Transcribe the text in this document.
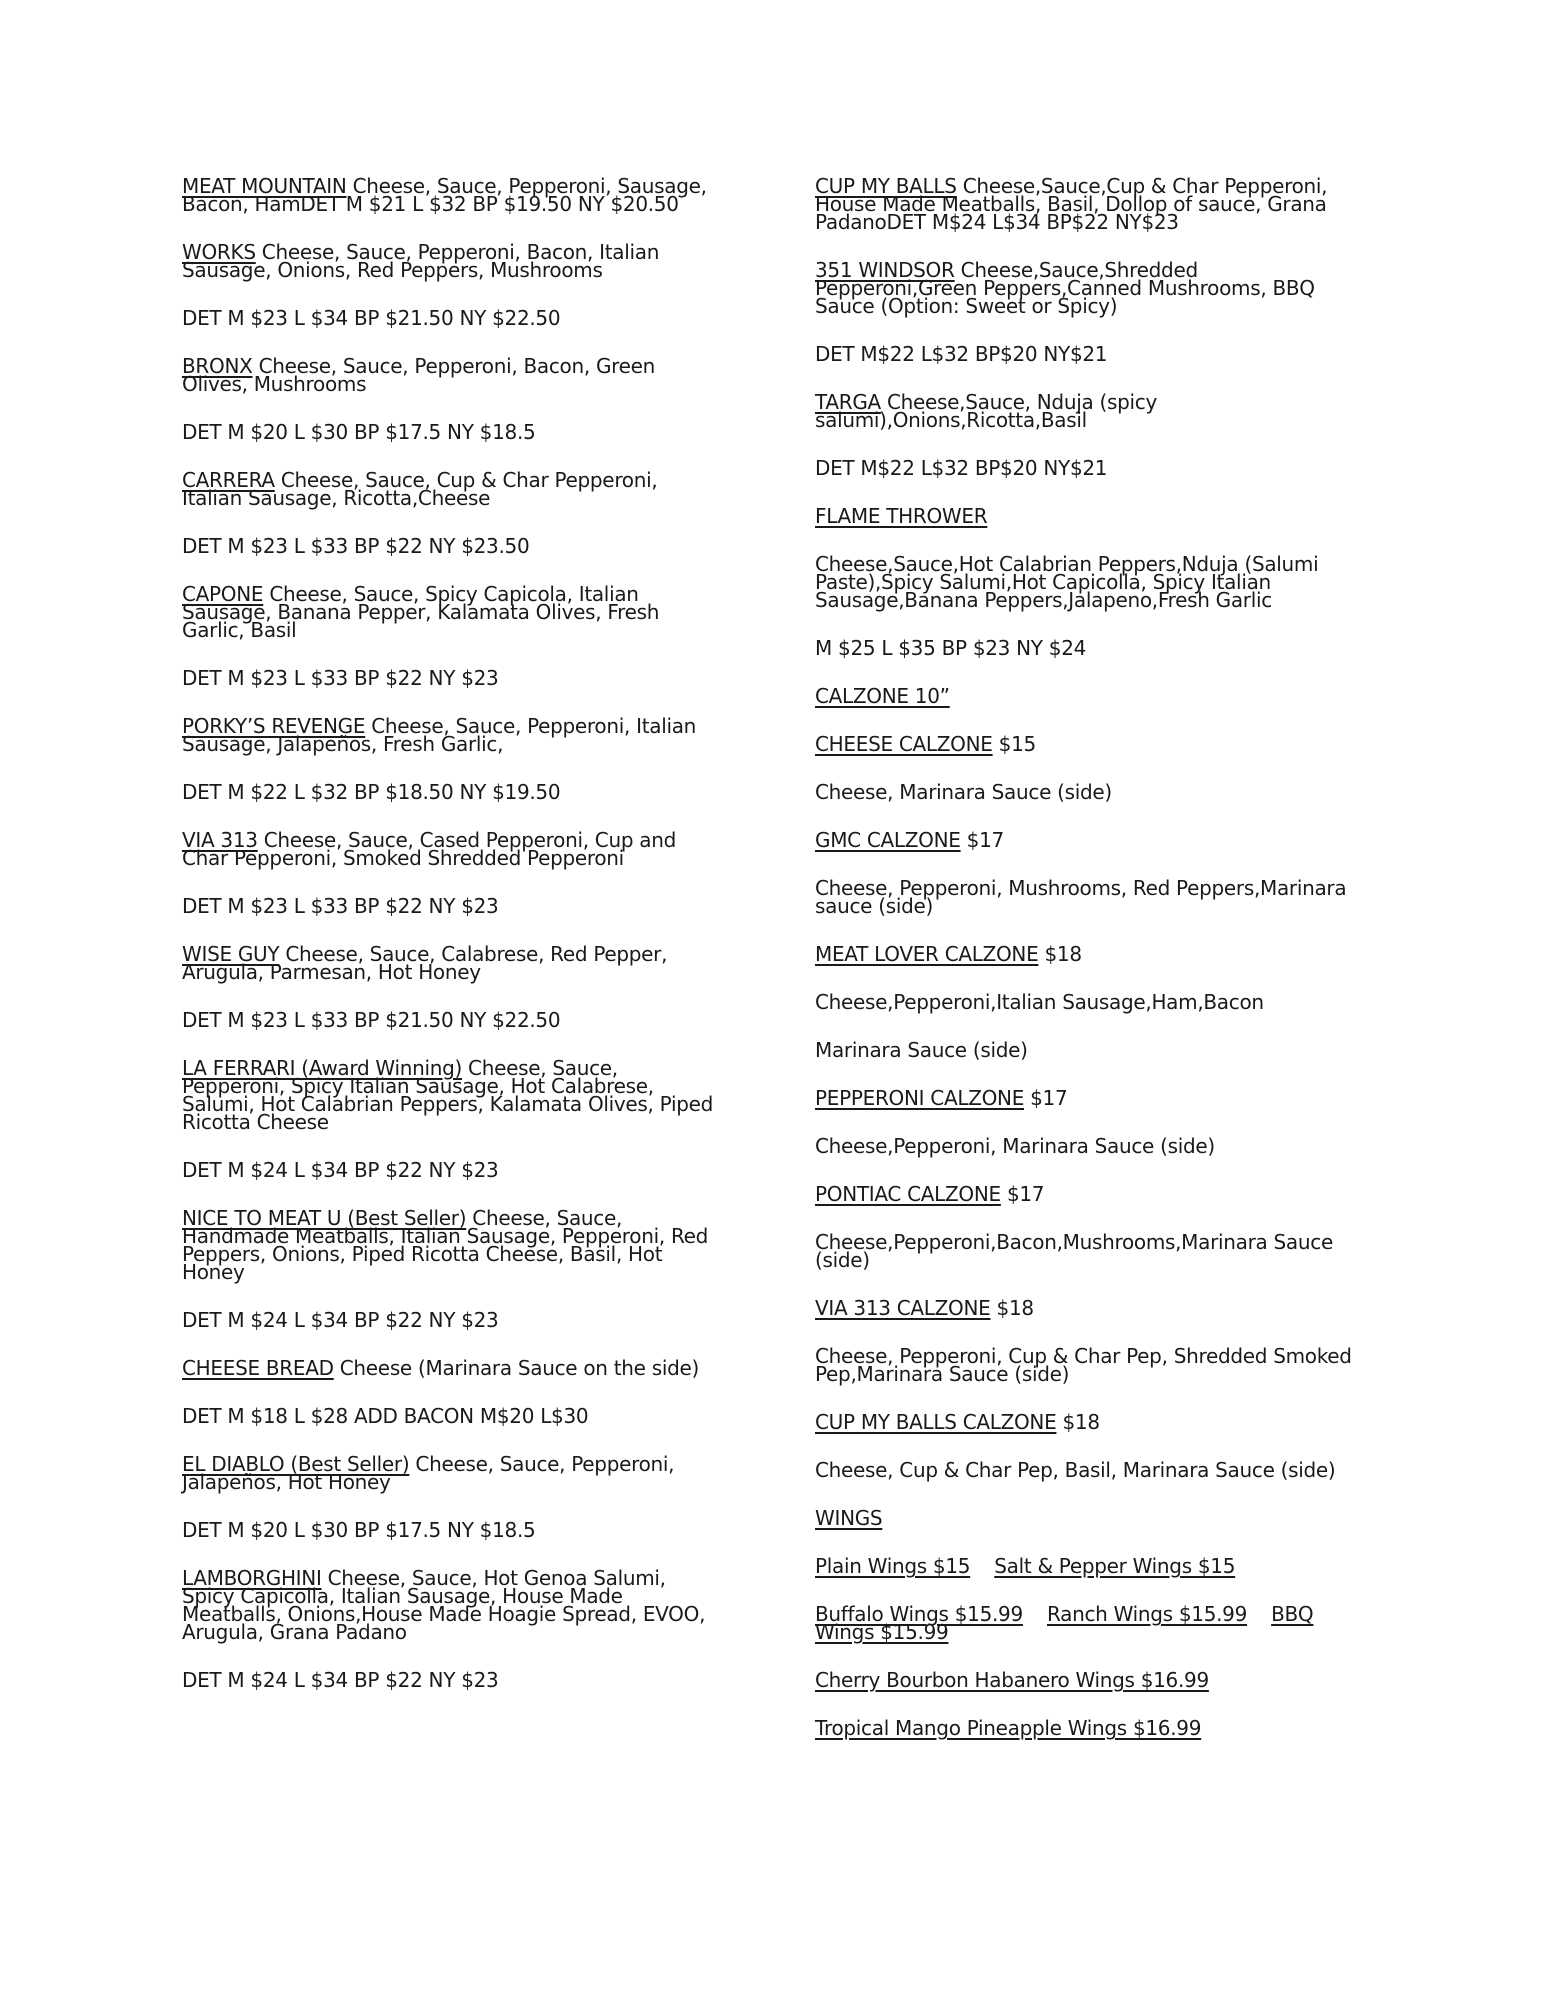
MEAT MOUNTAIN Cheese, Sauce, Pepperoni, Sausage, Bacon, HamDET M $21 L $32 BP $19.50 NY $20.50
WORKS Cheese, Sauce, Pepperoni, Bacon, Italian Sausage, Onions, Red Peppers, Mushrooms
DET M $23 L $34 BP $21.50 NY $22.50
BRONX Cheese, Sauce, Pepperoni, Bacon, Green Olives, Mushrooms
DET M $20 L $30 BP $17.5 NY $18.5
CARRERA Cheese, Sauce, Cup & Char Pepperoni, Italian Sausage, Ricotta,Cheese
DET M $23 L $33 BP $22 NY $23.50
CAPONE Cheese, Sauce, Spicy Capicola, Italian Sausage, Banana Pepper, Kalamata Olives, Fresh Garlic, Basil
DET M $23 L $33 BP $22 NY $23
PORKY’S REVENGE Cheese, Sauce, Pepperoni, Italian Sausage, Jalapeños, Fresh Garlic,
DET M $22 L $32 BP $18.50 NY $19.50
VIA 313 Cheese, Sauce, Cased Pepperoni, Cup and Char Pepperoni, Smoked Shredded Pepperoni
DET M $23 L $33 BP $22 NY $23
WISE GUY Cheese, Sauce, Calabrese, Red Pepper, Arugula, Parmesan, Hot Honey
DET M $23 L $33 BP $21.50 NY $22.50
LA FERRARI (Award Winning) Cheese, Sauce, Pepperoni, Spicy Italian Sausage, Hot Calabrese, Salumi, Hot Calabrian Peppers, Kalamata Olives, Piped Ricotta Cheese
DET M $24 L $34 BP $22 NY $23
NICE TO MEAT U (Best Seller) Cheese, Sauce, Handmade Meatballs, Italian Sausage, Pepperoni, Red Peppers, Onions, Piped Ricotta Cheese, Basil, Hot Honey
DET M $24 L $34 BP $22 NY $23
CHEESE BREAD Cheese (Marinara Sauce on the side)
DET M $18 L $28 ADD BACON M$20 L$30
EL DIABLO (Best Seller) Cheese, Sauce, Pepperoni, Jalapeños, Hot Honey
DET M $20 L $30 BP $17.5 NY $18.5
LAMBORGHINI Cheese, Sauce, Hot Genoa Salumi, Spicy Capicolla, Italian Sausage, House Made Meatballs, Onions,House Made Hoagie Spread, EVOO, Arugula, Grana Padano
DET M $24 L $34 BP $22 NY $23
CUP MY BALLS Cheese,Sauce,Cup & Char Pepperoni, House Made Meatballs, Basil, Dollop of sauce, Grana PadanoDET M$24 L$34 BP$22 NY$23
351 WINDSOR Cheese,Sauce,Shredded Pepperoni,Green Peppers,Canned Mushrooms, BBQ Sauce (Option: Sweet or Spicy)
DET M$22 L$32 BP$20 NY$21
TARGA Cheese,Sauce, Nduja (spicy salumi),Onions,Ricotta,Basil
DET M$22 L$32 BP$20 NY$21
FLAME THROWER
Cheese,Sauce,Hot Calabrian Peppers,Nduja (Salumi Paste),Spicy Salumi,Hot Capicolla, Spicy Italian Sausage,Banana Peppers,Jalapeno,Fresh Garlic
M $25 L $35 BP $23 NY $24
CALZONE 10”
CHEESE CALZONE $15
Cheese, Marinara Sauce (side)
GMC CALZONE $17
Cheese, Pepperoni, Mushrooms, Red Peppers,Marinara sauce (side)
MEAT LOVER CALZONE $18
Cheese,Pepperoni,Italian Sausage,Ham,Bacon
Marinara Sauce (side)
PEPPERONI CALZONE $17
Cheese,Pepperoni, Marinara Sauce (side)
PONTIAC CALZONE $17
Cheese,Pepperoni,Bacon,Mushrooms,Marinara Sauce (side)
VIA 313 CALZONE $18
Cheese, Pepperoni, Cup & Char Pep, Shredded Smoked Pep,Marinara Sauce (side)
CUP MY BALLS CALZONE $18
Cheese, Cup & Char Pep, Basil, Marinara Sauce (side)
WINGS
Plain Wings $15 Salt & Pepper Wings $15
Buffalo Wings $15.99 Ranch Wings $15.99 BBQ Wings $15.99
Cherry Bourbon Habanero Wings $16.99
Tropical Mango Pineapple Wings $16.99
